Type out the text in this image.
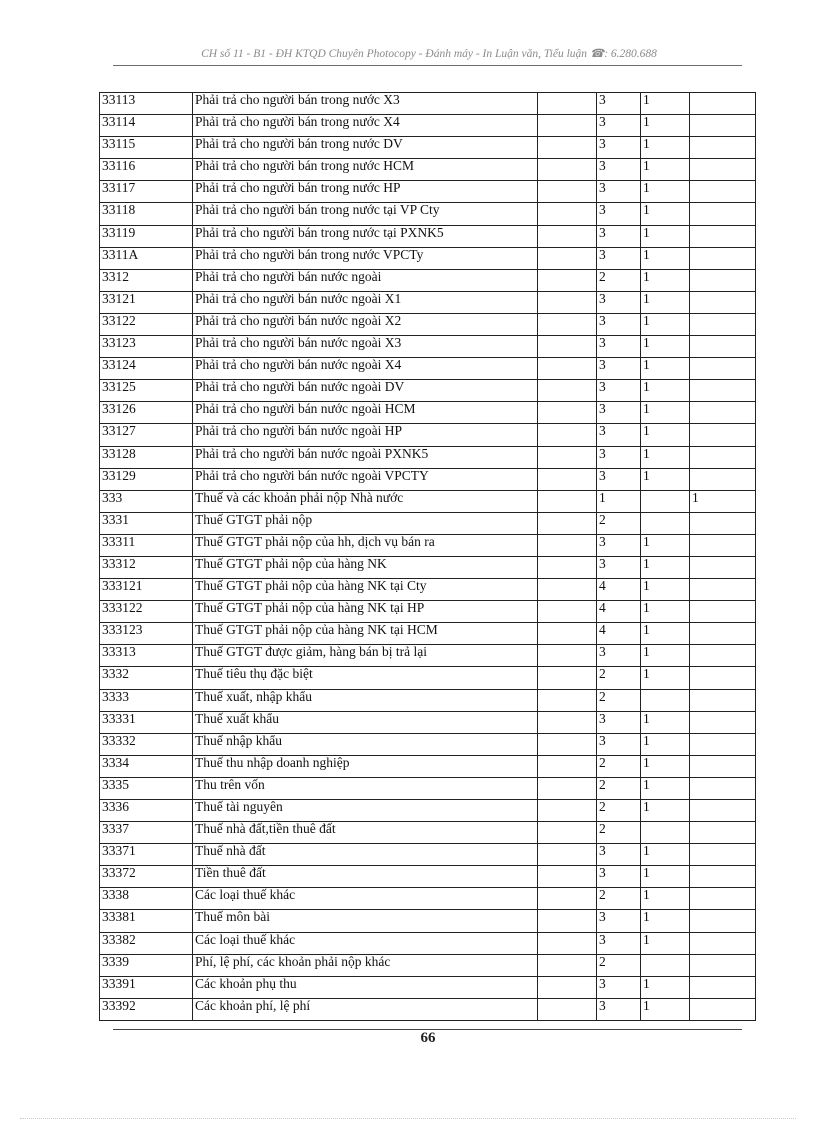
CH số 11 - B1 - ĐH KTQD Chuyên Photocopy - Đánh máy - In Luận văn, Tiểu luận ☎: 6.280.688
33113	Phải trả cho người bán trong nước X3		3	1	
33114	Phải trả cho người bán trong nước X4		3	1	
33115	Phải trả cho người bán trong nước DV		3	1	
33116	Phải trả cho người bán trong nước HCM		3	1	
33117	Phải trả cho người bán trong nước HP		3	1	
33118	Phải trả cho người bán trong nước tại VP Cty		3	1	
33119	Phải trả cho người bán trong nước tại PXNK5		3	1	
3311A	Phải trả cho người bán trong nước VPCTy		3	1	
3312	Phải trả cho người bán nước ngoài		2	1	
33121	Phải trả cho người bán nước ngoài X1		3	1	
33122	Phải trả cho người bán nước ngoài X2		3	1	
33123	Phải trả cho người bán nước ngoài X3		3	1	
33124	Phải trả cho người bán nước ngoài X4		3	1	
33125	Phải trả cho người bán nước ngoài DV		3	1	
33126	Phải trả cho người bán nước ngoài HCM		3	1	
33127	Phải trả cho người bán nước ngoài HP		3	1	
33128	Phải trả cho người bán nước ngoài PXNK5		3	1	
33129	Phải trả cho người bán nước ngoài VPCTY		3	1	
333	Thuế và các khoản phải nộp Nhà nước		1		1
3331	Thuế GTGT phải nộp		2		
33311	Thuế GTGT phải nộp của hh, dịch vụ bán ra		3	1	
33312	Thuế GTGT phải nộp của hàng NK		3	1	
333121	Thuế GTGT phải nộp của hàng NK tại Cty		4	1	
333122	Thuế GTGT phải nộp của hàng NK tại HP		4	1	
333123	Thuế GTGT phải nộp của hàng NK tại HCM		4	1	
33313	Thuế GTGT được giảm, hàng bán bị trả lại		3	1	
3332	Thuế tiêu thụ đặc biệt		2	1	
3333	Thuế xuất, nhập khẩu		2		
33331	Thuế xuất khẩu		3	1	
33332	Thuế nhập khẩu		3	1	
3334	Thuế thu nhập doanh nghiệp		2	1	
3335	Thu trên vốn		2	1	
3336	Thuế tài nguyên		2	1	
3337	Thuế nhà đất,tiền thuê đất		2		
33371	Thuế nhà đất		3	1	
33372	Tiền thuê đất		3	1	
3338	Các loại thuế khác		2	1	
33381	Thuế môn bài		3	1	
33382	Các loại thuế khác		3	1	
3339	Phí, lệ phí, các khoản phải nộp khác		2		
33391	Các khoản phụ thu		3	1	
33392	Các khoản phí, lệ phí		3	1	
66
